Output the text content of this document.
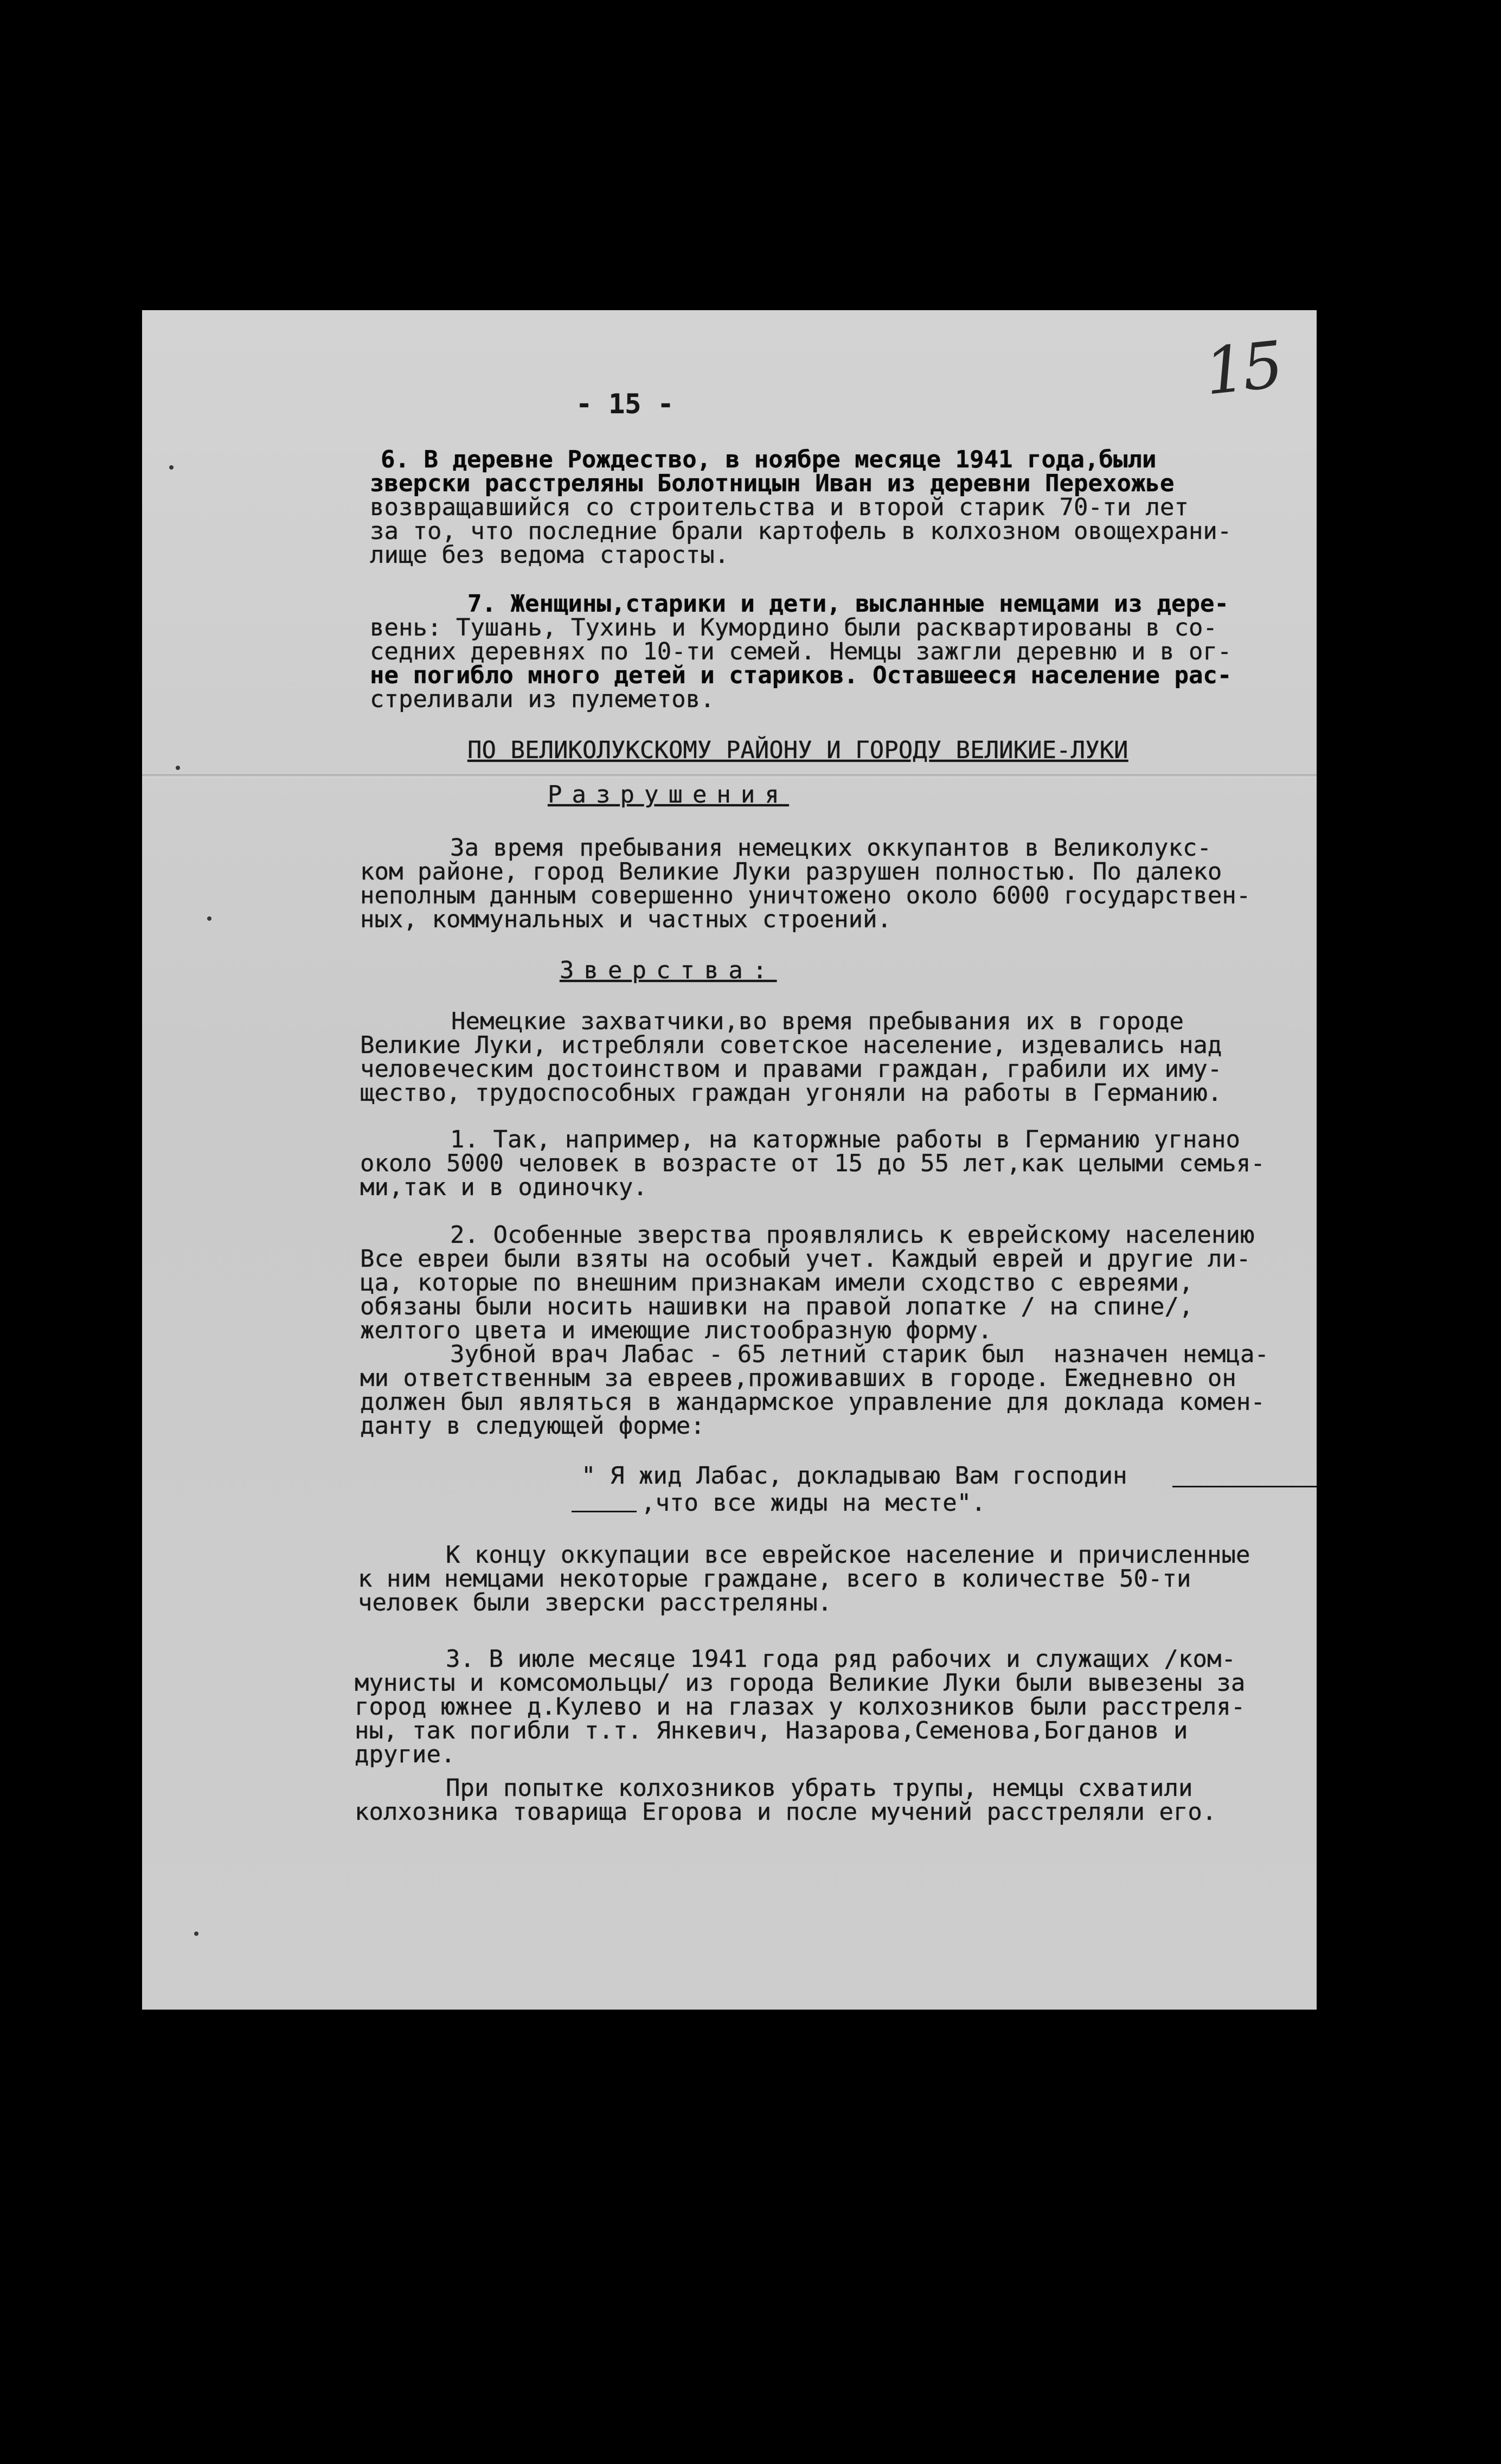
15
- 15 -
6. В деревне Рождество, в ноябре месяце 1941 года,были
зверски расстреляны Болотницын Иван из деревни Перехожье
возвращавшийся со строительства и второй старик 70-ти лет
за то, что последние брали картофель в колхозном овощехрани-
лище без ведома старосты.
7. Женщины,старики и дети, высланные немцами из дере-
вень: Тушань, Тухинь и Кумордино были расквартированы в со-
седних деревнях по 10-ти семей. Немцы зажгли деревню и в ог-
не погибло много детей и стариков. Оставшееся население рас-
стреливали из пулеметов.
ПО ВЕЛИКОЛУКСКОМУ РАЙОНУ И ГОРОДУ ВЕЛИКИЕ-ЛУКИ
Разрушения
За время пребывания немецких оккупантов в Великолукс-
ком районе, город Великие Луки разрушен полностью. По далеко
неполным данным совершенно уничтожено около 6000 государствен-
ных, коммунальных и частных строений.
Зверства:
Немецкие захватчики,во время пребывания их в городе
Великие Луки, истребляли советское население, издевались над
человеческим достоинством и правами граждан, грабили их иму-
щество, трудоспособных граждан угоняли на работы в Германию.
1. Так, например, на каторжные работы в Германию угнано
около 5000 человек в возрасте от 15 до 55 лет,как целыми семья-
ми,так и в одиночку.
2. Особенные зверства проявлялись к еврейскому населению
Все евреи были взяты на особый учет. Каждый еврей и другие ли-
ца, которые по внешним признакам имели сходство с евреями,
обязаны были носить нашивки на правой лопатке / на спине/,
желтого цвета и имеющие листообразную форму.
Зубной врач Лабас - 65 летний старик был  назначен немца-
ми ответственным за евреев,проживавших в городе. Ежедневно он
должен был являться в жандармское управление для доклада комен-
данту в следующей форме:
" Я жид Лабас, докладываю Вам господин
,что все жиды на месте".
К концу оккупации все еврейское население и причисленные
к ним немцами некоторые граждане, всего в количестве 50-ти
человек были зверски расстреляны.
3. В июле месяце 1941 года ряд рабочих и служащих /ком-
мунисты и комсомольцы/ из города Великие Луки были вывезены за
город южнее д.Кулево и на глазах у колхозников были расстреля-
ны, так погибли т.т. Янкевич, Назарова,Семенова,Богданов и
другие.
При попытке колхозников убрать трупы, немцы схватили
колхозника товарища Егорова и после мучений расстреляли его.
